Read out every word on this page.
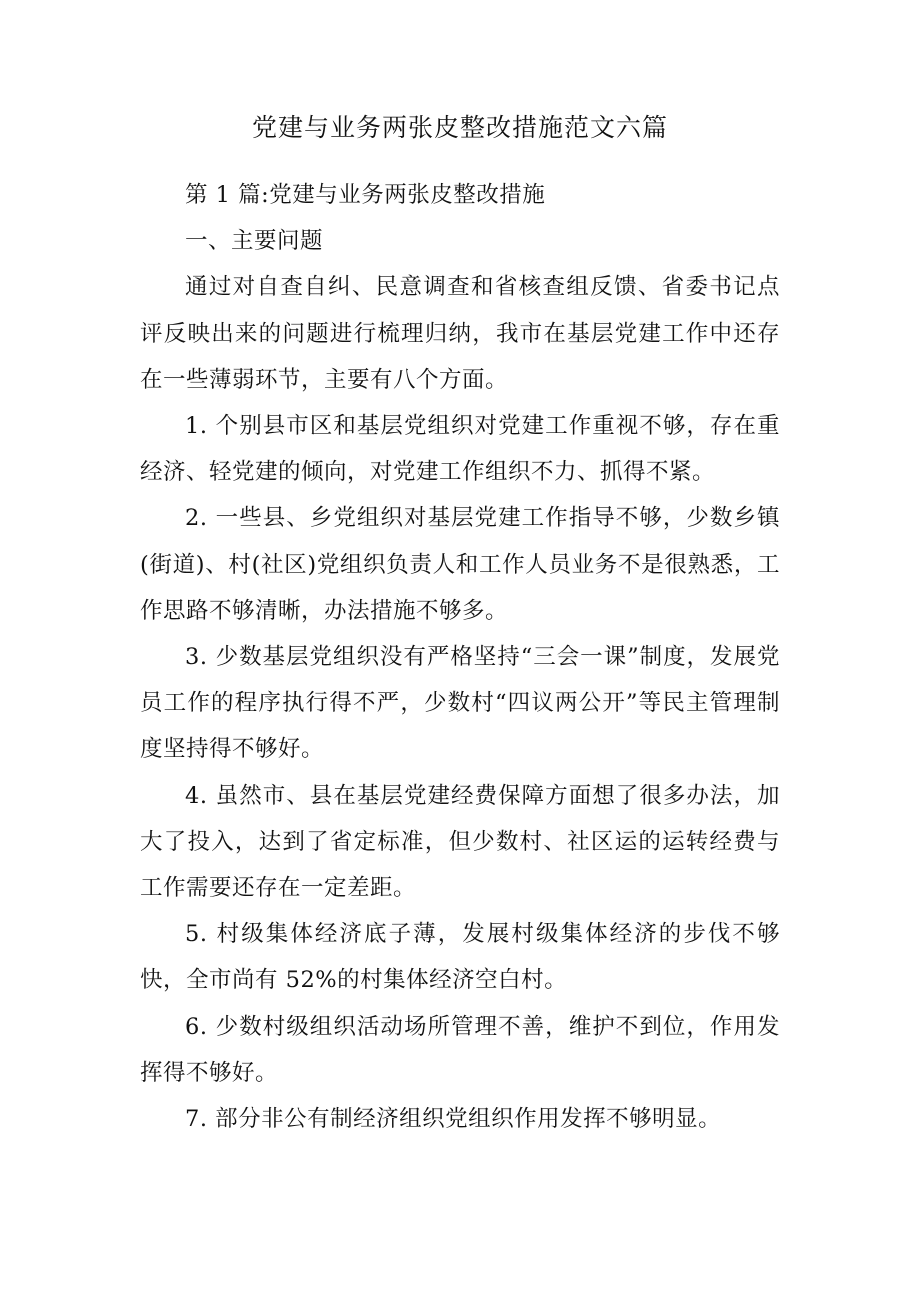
党建与业务两张皮整改措施范文六篇

第 1 篇:党建与业务两张皮整改措施

一、主要问题

通过对自查自纠、民意调查和省核查组反馈、省委书记点评反映出来的问题进行梳理归纳，我市在基层党建工作中还存在一些薄弱环节，主要有八个方面。

1. 个别县市区和基层党组织对党建工作重视不够，存在重经济、轻党建的倾向，对党建工作组织不力、抓得不紧。

2. 一些县、乡党组织对基层党建工作指导不够，少数乡镇(街道)、村(社区)党组织负责人和工作人员业务不是很熟悉，工作思路不够清晰，办法措施不够多。

3. 少数基层党组织没有严格坚持“三会一课”制度，发展党员工作的程序执行得不严，少数村“四议两公开”等民主管理制度坚持得不够好。

4. 虽然市、县在基层党建经费保障方面想了很多办法，加大了投入，达到了省定标准，但少数村、社区运的运转经费与工作需要还存在一定差距。

5. 村级集体经济底子薄，发展村级集体经济的步伐不够快，全市尚有 52%的村集体经济空白村。

6. 少数村级组织活动场所管理不善，维护不到位，作用发挥得不够好。

7. 部分非公有制经济组织党组织作用发挥不够明显。
